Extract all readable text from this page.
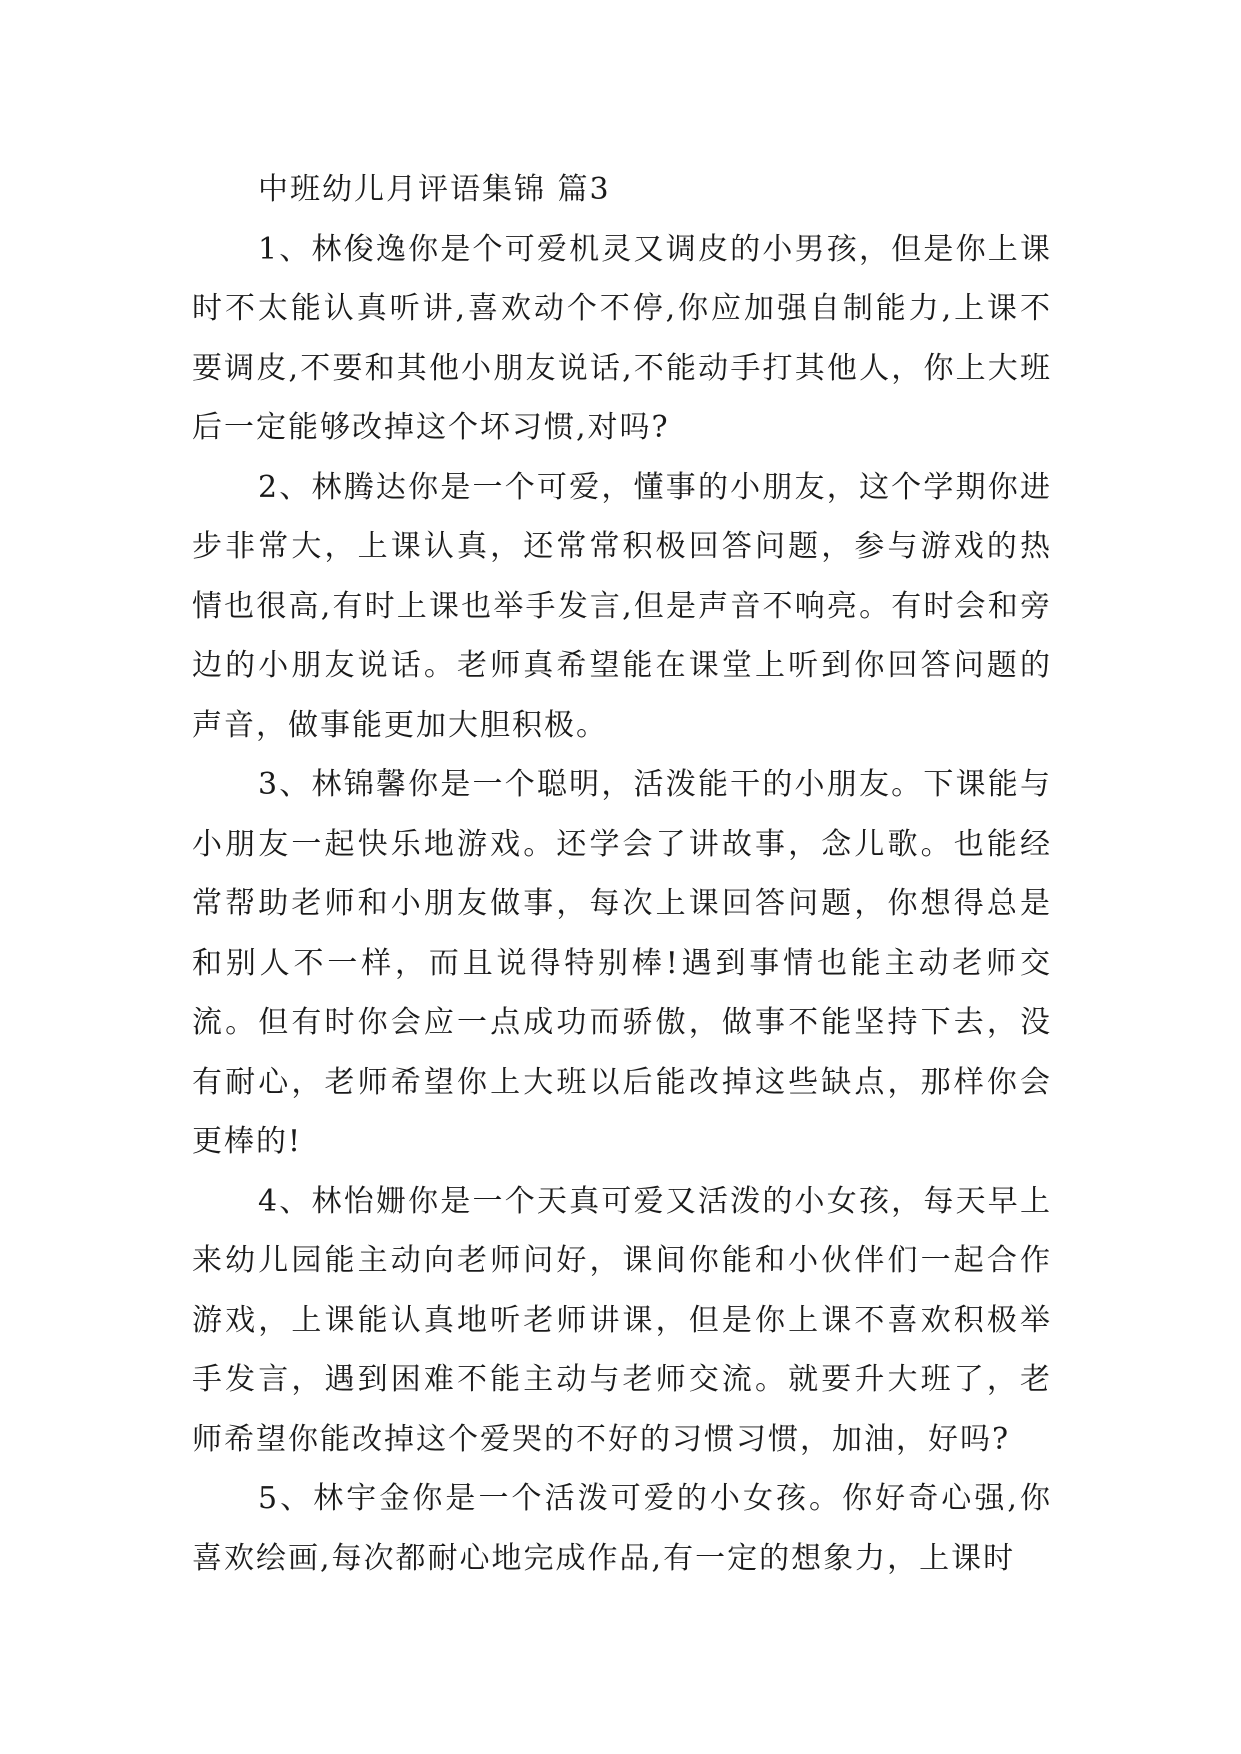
中班幼儿月评语集锦 篇3

1、林俊逸你是个可爱机灵又调皮的小男孩，但是你上课时不太能认真听讲,喜欢动个不停,你应加强自制能力,上课不要调皮,不要和其他小朋友说话,不能动手打其他人，你上大班后一定能够改掉这个坏习惯,对吗?

2、林腾达你是一个可爱，懂事的小朋友，这个学期你进步非常大，上课认真，还常常积极回答问题，参与游戏的热情也很高,有时上课也举手发言,但是声音不响亮。有时会和旁边的小朋友说话。老师真希望能在课堂上听到你回答问题的声音，做事能更加大胆积极。

3、林锦馨你是一个聪明，活泼能干的小朋友。下课能与小朋友一起快乐地游戏。还学会了讲故事，念儿歌。也能经常帮助老师和小朋友做事，每次上课回答问题，你想得总是和别人不一样，而且说得特别棒!遇到事情也能主动老师交流。但有时你会应一点成功而骄傲，做事不能坚持下去，没有耐心，老师希望你上大班以后能改掉这些缺点，那样你会更棒的!

4、林怡姗你是一个天真可爱又活泼的小女孩，每天早上来幼儿园能主动向老师问好，课间你能和小伙伴们一起合作游戏，上课能认真地听老师讲课，但是你上课不喜欢积极举手发言，遇到困难不能主动与老师交流。就要升大班了，老师希望你能改掉这个爱哭的不好的习惯习惯，加油，好吗?

5、林宇金你是一个活泼可爱的小女孩。你好奇心强,你喜欢绘画,每次都耐心地完成作品,有一定的想象力，上课时
